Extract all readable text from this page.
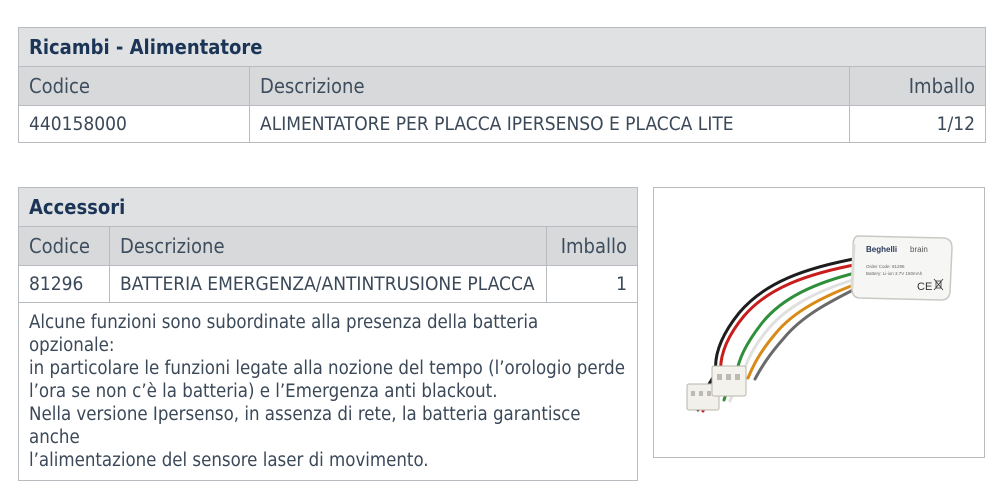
Ricambi - Alimentatore		
Codice	Descrizione	Imballo
440158000	ALIMENTATORE PER PLACCA IPERSENSO E PLACCA LITE	1/12
Accessori		
Codice	Descrizione	Imballo
81296	BATTERIA EMERGENZA/ANTINTRUSIONE PLACCA	1

Alcune funzioni sono subordinate alla presenza della batteria opzionale:
in particolare le funzioni legate alla nozione del tempo (l’orologio perde
l’ora se non c’è la batteria) e l’Emergenza anti blackout.
Nella versione Ipersenso, in assenza di rete, la batteria garantisce anche
l’alimentazione del sensore laser di movimento.		
Beghelli brain
Order Code: 81296
Battery: Li-ion 3.7V 150mAh
CE
